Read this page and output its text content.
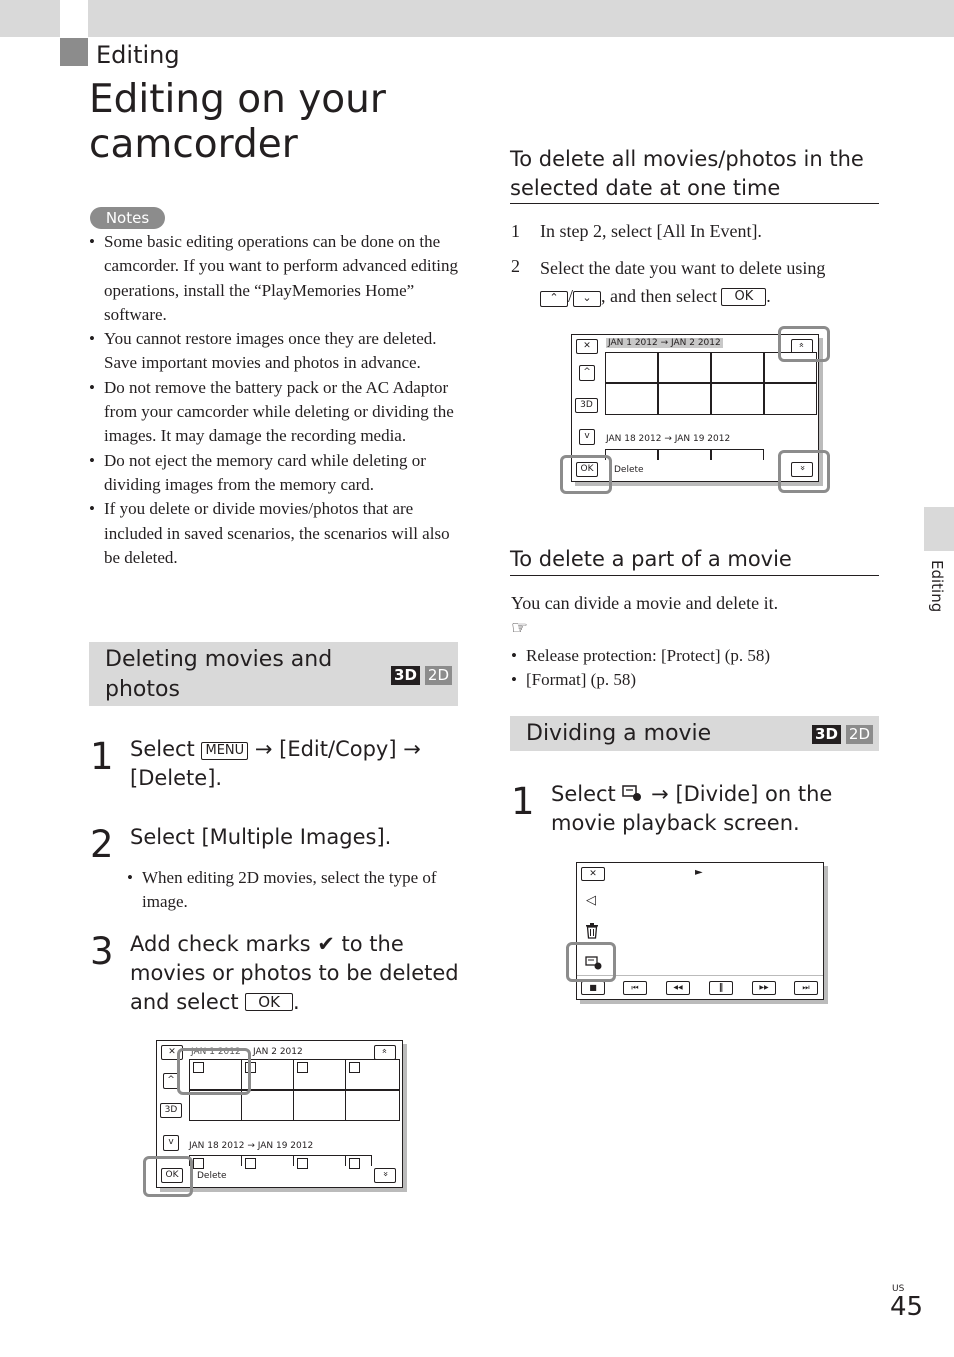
Editing
Editing on your
camcorder
Editing
Notes
• Some basic editing operations can be done on the camcorder. If you want to perform advanced editing operations, install the “PlayMemories Home” software.
• You cannot restore images once they are deleted. Save important movies and photos in advance.
• Do not remove the battery pack or the AC Adaptor from your camcorder while deleting or dividing the images. It may damage the recording media.
• Do not eject the memory card while deleting or dividing images from the memory card.
• If you delete or divide movies/photos that are included in saved scenarios, the scenarios will also be deleted.
Deleting movies and
photos
3D 2D
1 Select MENU → [Edit/Copy] →
[Delete].
2 Select [Multiple Images].
• When editing 2D movies, select the type of image.
3 Add check marks ✔ to the movies or photos to be deleted and select OK .
✕
^
3D
v
OK
»
»
JAN 1 2012 JAN 2 2012
JAN 18 2012 → JAN 19 2012
Delete
To delete all movies/photos in the
selected date at one time
1 In step 2, select [All In Event].
2 Select the date you want to delete using
⌃ / ⌄ , and then select OK .
✕
^
3D
v
OK
»
»
JAN 1 2012 → JAN 2 2012
JAN 18 2012 → JAN 19 2012
Delete
To delete a part of a movie
You can divide a movie and delete it.
☞
• Release protection: [Protect] (p. 58)
• [Format] (p. 58)
Dividing a movie	3D 2D
1 Select → [Divide] on the
movie playback screen.
✕	►
◁
■	⏮	◀◀	‖	▶▶	⏭
US
45
